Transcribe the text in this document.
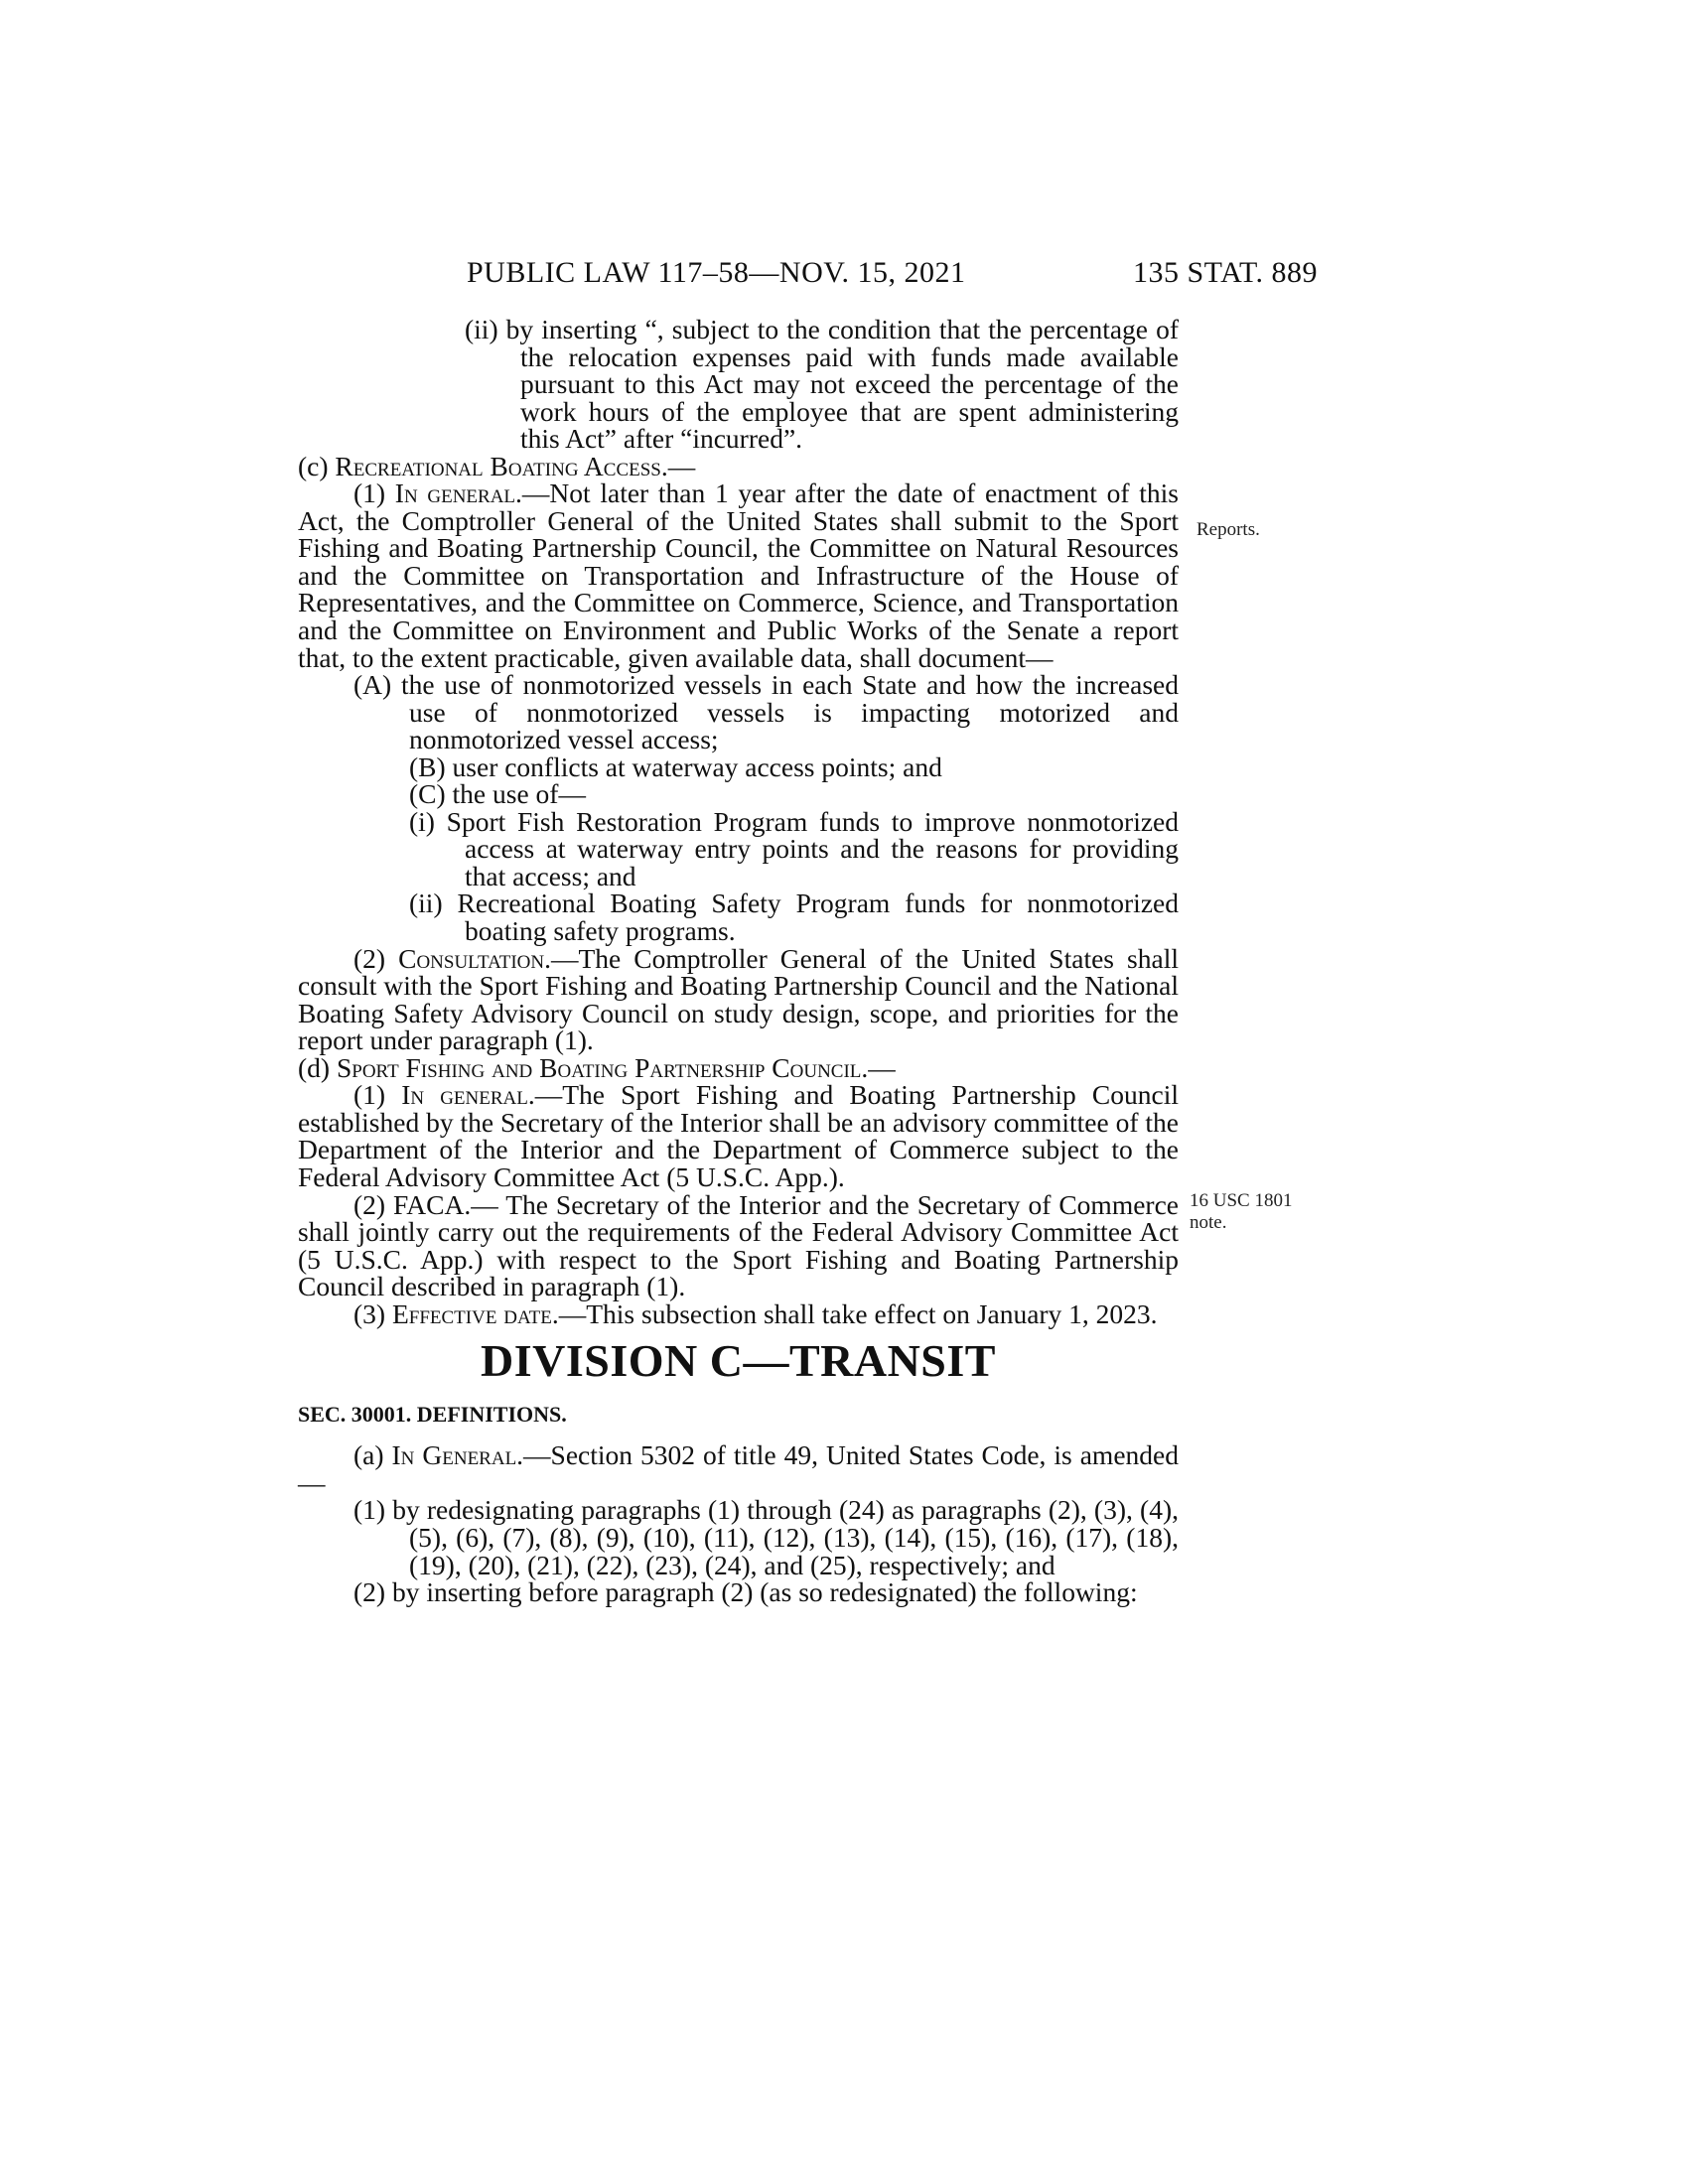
PUBLIC LAW 117–58—NOV. 15, 2021	135 STAT. 889
Reports.
16 USC 1801
note.

(ii) by inserting “, subject to the condition that the percentage of the relocation expenses paid with funds made available pursuant to this Act may not exceed the percentage of the work hours of the employee that are spent administering this Act” after “incurred”.

(c) Recreational Boating Access.—

(1) In general.—Not later than 1 year after the date of enactment of this Act, the Comptroller General of the United States shall submit to the Sport Fishing and Boating Partnership Council, the Committee on Natural Resources and the Committee on Transportation and Infrastructure of the House of Representatives, and the Committee on Commerce, Science, and Transportation and the Committee on Environment and Public Works of the Senate a report that, to the extent practicable, given available data, shall document—

(A) the use of nonmotorized vessels in each State and how the increased use of nonmotorized vessels is impacting motorized and nonmotorized vessel access;

(B) user conflicts at waterway access points; and

(C) the use of—

(i) Sport Fish Restoration Program funds to improve nonmotorized access at waterway entry points and the reasons for providing that access; and

(ii) Recreational Boating Safety Program funds for nonmotorized boating safety programs.

(2) Consultation.—The Comptroller General of the United States shall consult with the Sport Fishing and Boating Partnership Council and the National Boating Safety Advisory Council on study design, scope, and priorities for the report under paragraph (1).

(d) Sport Fishing and Boating Partnership Council.—

(1) In general.—The Sport Fishing and Boating Partnership Council established by the Secretary of the Interior shall be an advisory committee of the Department of the Interior and the Department of Commerce subject to the Federal Advisory Committee Act (5 U.S.C. App.).

(2) FACA.— The Secretary of the Interior and the Secretary of Commerce shall jointly carry out the requirements of the Federal Advisory Committee Act (5 U.S.C. App.) with respect to the Sport Fishing and Boating Partnership Council described in paragraph (1).

(3) Effective date.—This subsection shall take effect on January 1, 2023.

DIVISION C—TRANSIT

SEC. 30001. DEFINITIONS.

(a) In General.—Section 5302 of title 49, United States Code, is amended—

(1) by redesignating paragraphs (1) through (24) as paragraphs (2), (3), (4), (5), (6), (7), (8), (9), (10), (11), (12), (13), (14), (15), (16), (17), (18), (19), (20), (21), (22), (23), (24), and (25), respectively; and

(2) by inserting before paragraph (2) (as so redesignated) the following:
